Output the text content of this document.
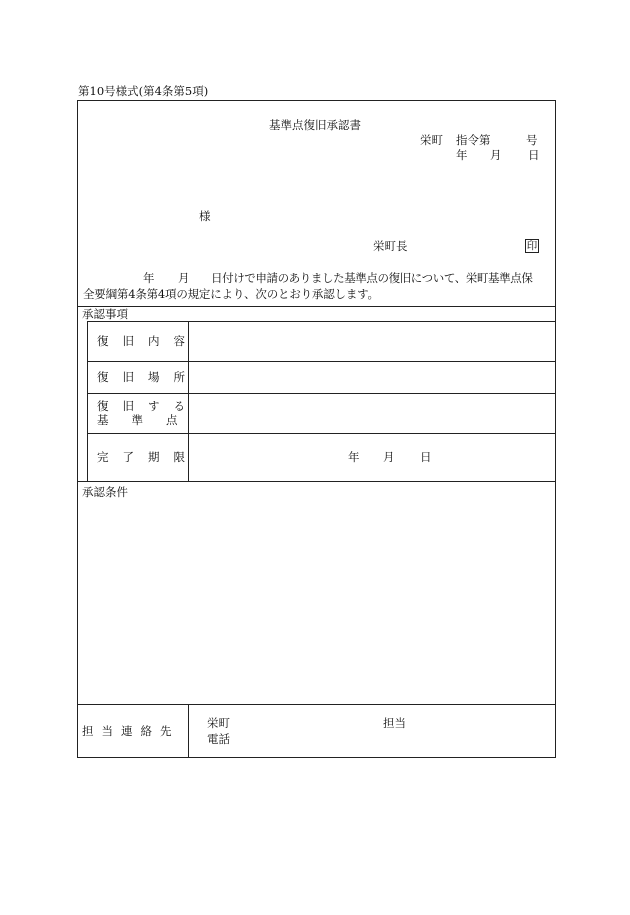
第10号様式(第4条第5項)
基準点復旧承認書
栄町 指令第	号
年 月 日
様
栄町長	印
年 月 日付けで申請のありました基準点の復旧について、栄町基準点保
全要綱第4条第4項の規定により、次のとおり承認します。
承認事項
復旧内容
復旧場所
復旧する
基準点
完了期限	年 月 日
承認条件
担当連絡先
栄町	担当
電話
